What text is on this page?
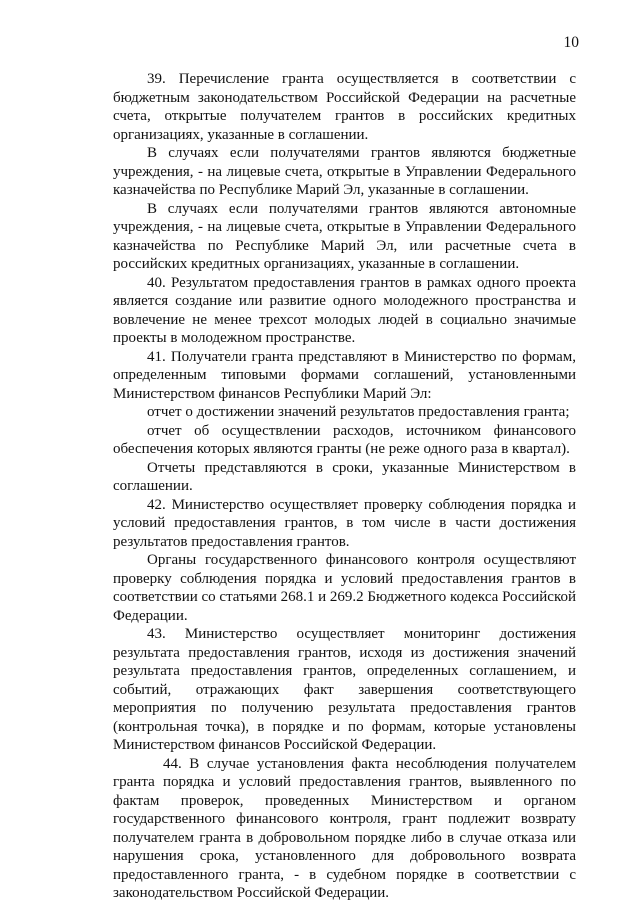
10

39. Перечисление гранта осуществляется в соответствии с бюджетным законодательством Российской Федерации на расчетные счета, открытые получателем грантов в российских кредитных организациях, указанные в соглашении.

В случаях если получателями грантов являются бюджетные учреждения, - на лицевые счета, открытые в Управлении Федерального казначейства по Республике Марий Эл, указанные в соглашении.

В случаях если получателями грантов являются автономные учреждения, - на лицевые счета, открытые в Управлении Федерального казначейства по Республике Марий Эл, или расчетные счета в российских кредитных организациях, указанные в соглашении.

40. Результатом предоставления грантов в рамках одного проекта является создание или развитие одного молодежного пространства и вовлечение не менее трехсот молодых людей в социально значимые проекты в молодежном пространстве.

41. Получатели гранта представляют в Министерство по формам, определенным типовыми формами соглашений, установленными Министерством финансов Республики Марий Эл:

отчет о достижении значений результатов предоставления гранта;

отчет об осуществлении расходов, источником финансового обеспечения которых являются гранты (не реже одного раза в квартал).

Отчеты представляются в сроки, указанные Министерством в соглашении.

42. Министерство осуществляет проверку соблюдения порядка и условий предоставления грантов, в том числе в части достижения результатов предоставления грантов.

Органы государственного финансового контроля осуществляют проверку соблюдения порядка и условий предоставления грантов в соответствии со статьями 268.1 и 269.2 Бюджетного кодекса Российской Федерации.

43. Министерство осуществляет мониторинг достижения результата предоставления грантов, исходя из достижения значений результата предоставления грантов, определенных соглашением, и событий, отражающих факт завершения соответствующего мероприятия по получению результата предоставления грантов (контрольная точка), в порядке и по формам, которые установлены Министерством финансов Российской Федерации.

44. В случае установления факта несоблюдения получателем гранта порядка и условий предоставления грантов, выявленного по фактам проверок, проведенных Министерством и органом государственного финансового контроля, грант подлежит возврату получателем гранта в добровольном порядке либо в случае отказа или нарушения срока, установленного для добровольного возврата предоставленного гранта, - в судебном порядке в соответствии с законодательством Российской Федерации.
